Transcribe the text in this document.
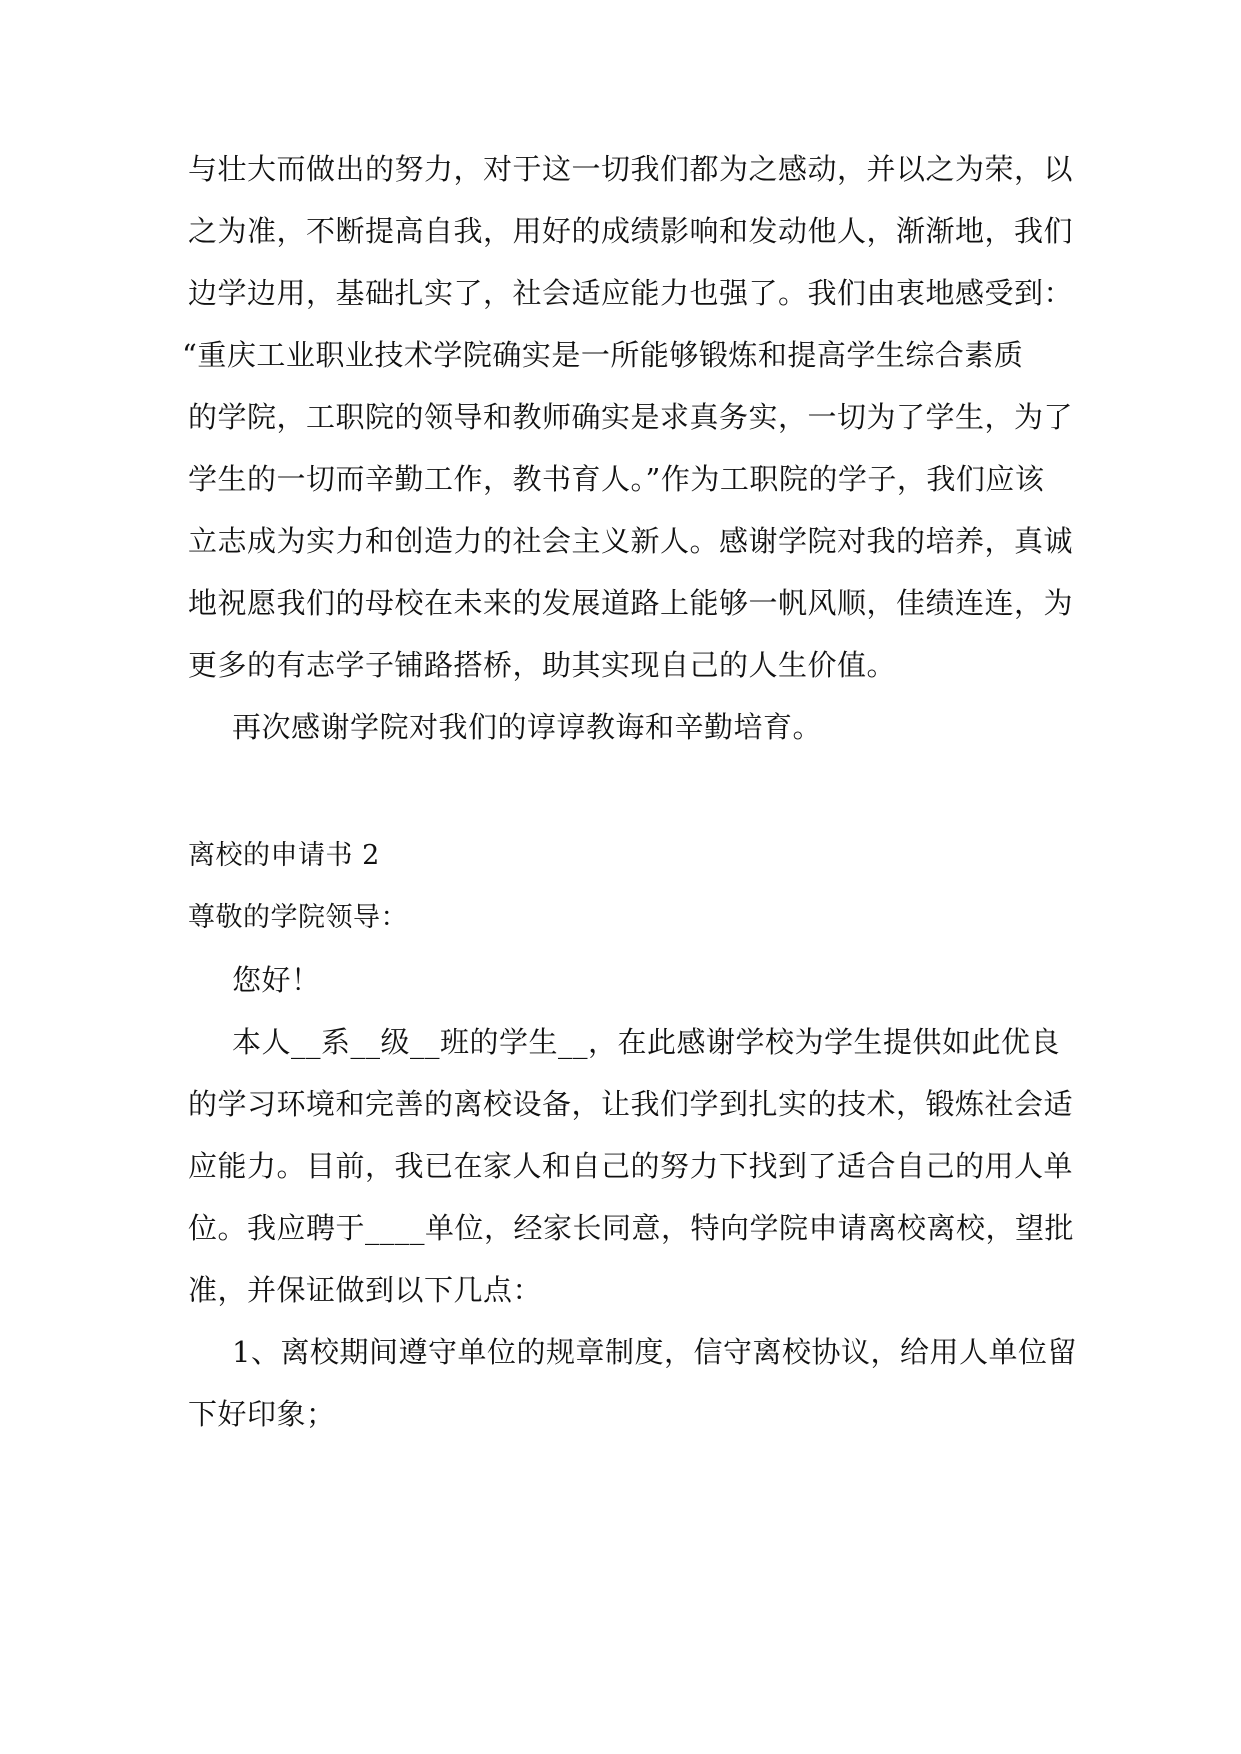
与壮大而做出的努力，对于这一切我们都为之感动，并以之为荣，以
之为准，不断提高自我，用好的成绩影响和发动他人，渐渐地，我们
边学边用，基础扎实了，社会适应能力也强了。我们由衷地感受到：
“重庆工业职业技术学院确实是一所能够锻炼和提高学生综合素质
的学院，工职院的领导和教师确实是求真务实，一切为了学生，为了
学生的一切而辛勤工作，教书育人。”作为工职院的学子，我们应该
立志成为实力和创造力的社会主义新人。感谢学院对我的培养，真诚
地祝愿我们的母校在未来的发展道路上能够一帆风顺，佳绩连连，为
更多的有志学子铺路搭桥，助其实现自己的人生价值。
再次感谢学院对我们的谆谆教诲和辛勤培育。
离校的申请书 2
尊敬的学院领导：
您好！
本人__系__级__班的学生__，在此感谢学校为学生提供如此优良
的学习环境和完善的离校设备，让我们学到扎实的技术，锻炼社会适
应能力。目前，我已在家人和自己的努力下找到了适合自己的用人单
位。我应聘于____单位，经家长同意，特向学院申请离校离校，望批
准，并保证做到以下几点：
1、离校期间遵守单位的规章制度，信守离校协议，给用人单位留
下好印象；
